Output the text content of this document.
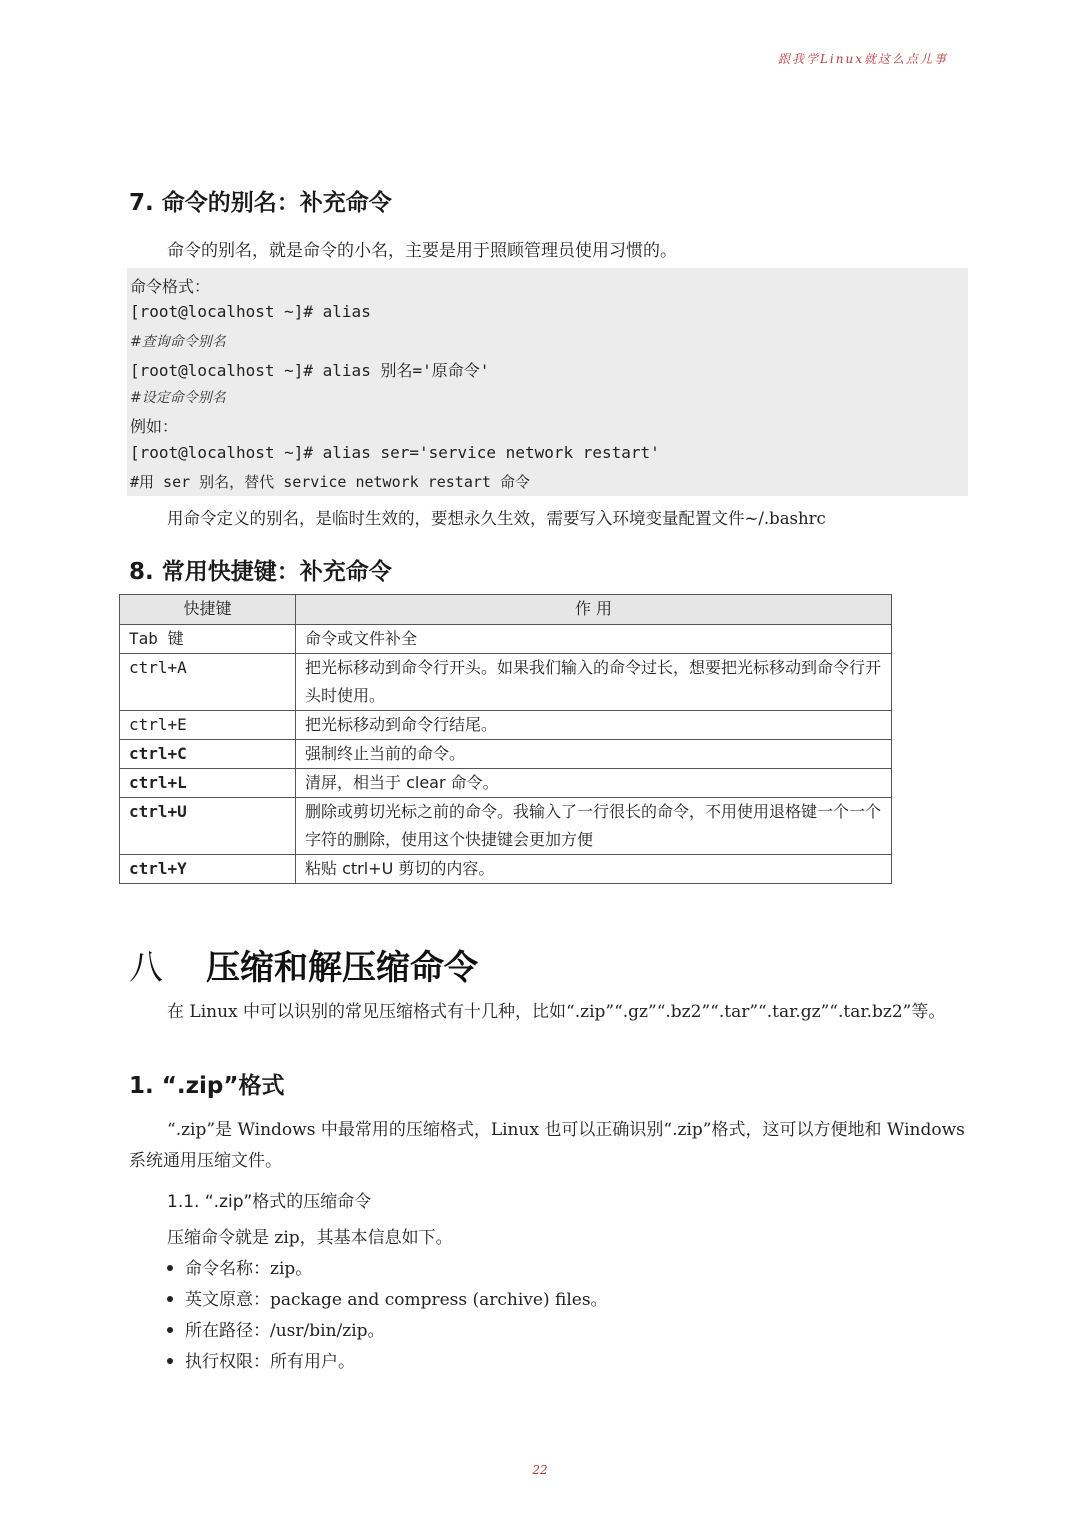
跟我学Linux就这么点儿事
7. 命令的别名：补充命令
命令的别名，就是命令的小名，主要是用于照顾管理员使用习惯的。
命令格式：
[root@localhost ~]# alias
#查询命令别名
[root@localhost ~]# alias 别名='原命令'
#设定命令别名
例如：
[root@localhost ~]# alias ser='service network restart'
#用 ser 别名，替代 service network restart 命令
用命令定义的别名，是临时生效的，要想永久生效，需要写入环境变量配置文件~/.bashrc
8. 常用快捷键：补充命令
快捷键	作 用
Tab 键	命令或文件补全
ctrl+A	把光标移动到命令行开头。如果我们输入的命令过长，想要把光标移动到命令行开头时使用。
ctrl+E	把光标移动到命令行结尾。
ctrl+C	强制终止当前的命令。
ctrl+L	清屏，相当于 clear 命令。
ctrl+U	删除或剪切光标之前的命令。我输入了一行很长的命令，不用使用退格键一个一个字符的删除，使用这个快捷键会更加方便
ctrl+Y	粘贴 ctrl+U 剪切的内容。
八 压缩和解压缩命令
在 Linux 中可以识别的常见压缩格式有十几种，比如“.zip”“.gz”“.bz2”“.tar”“.tar.gz”“.tar.bz2”等。
1. “.zip”格式
“.zip”是 Windows 中最常用的压缩格式，Linux 也可以正确识别“.zip”格式，这可以方便地和 Windows 系统通用压缩文件。
1.1. “.zip”格式的压缩命令
压缩命令就是 zip，其基本信息如下。
命令名称：zip。
英文原意：package and compress (archive) files。
所在路径：/usr/bin/zip。
执行权限：所有用户。
22
